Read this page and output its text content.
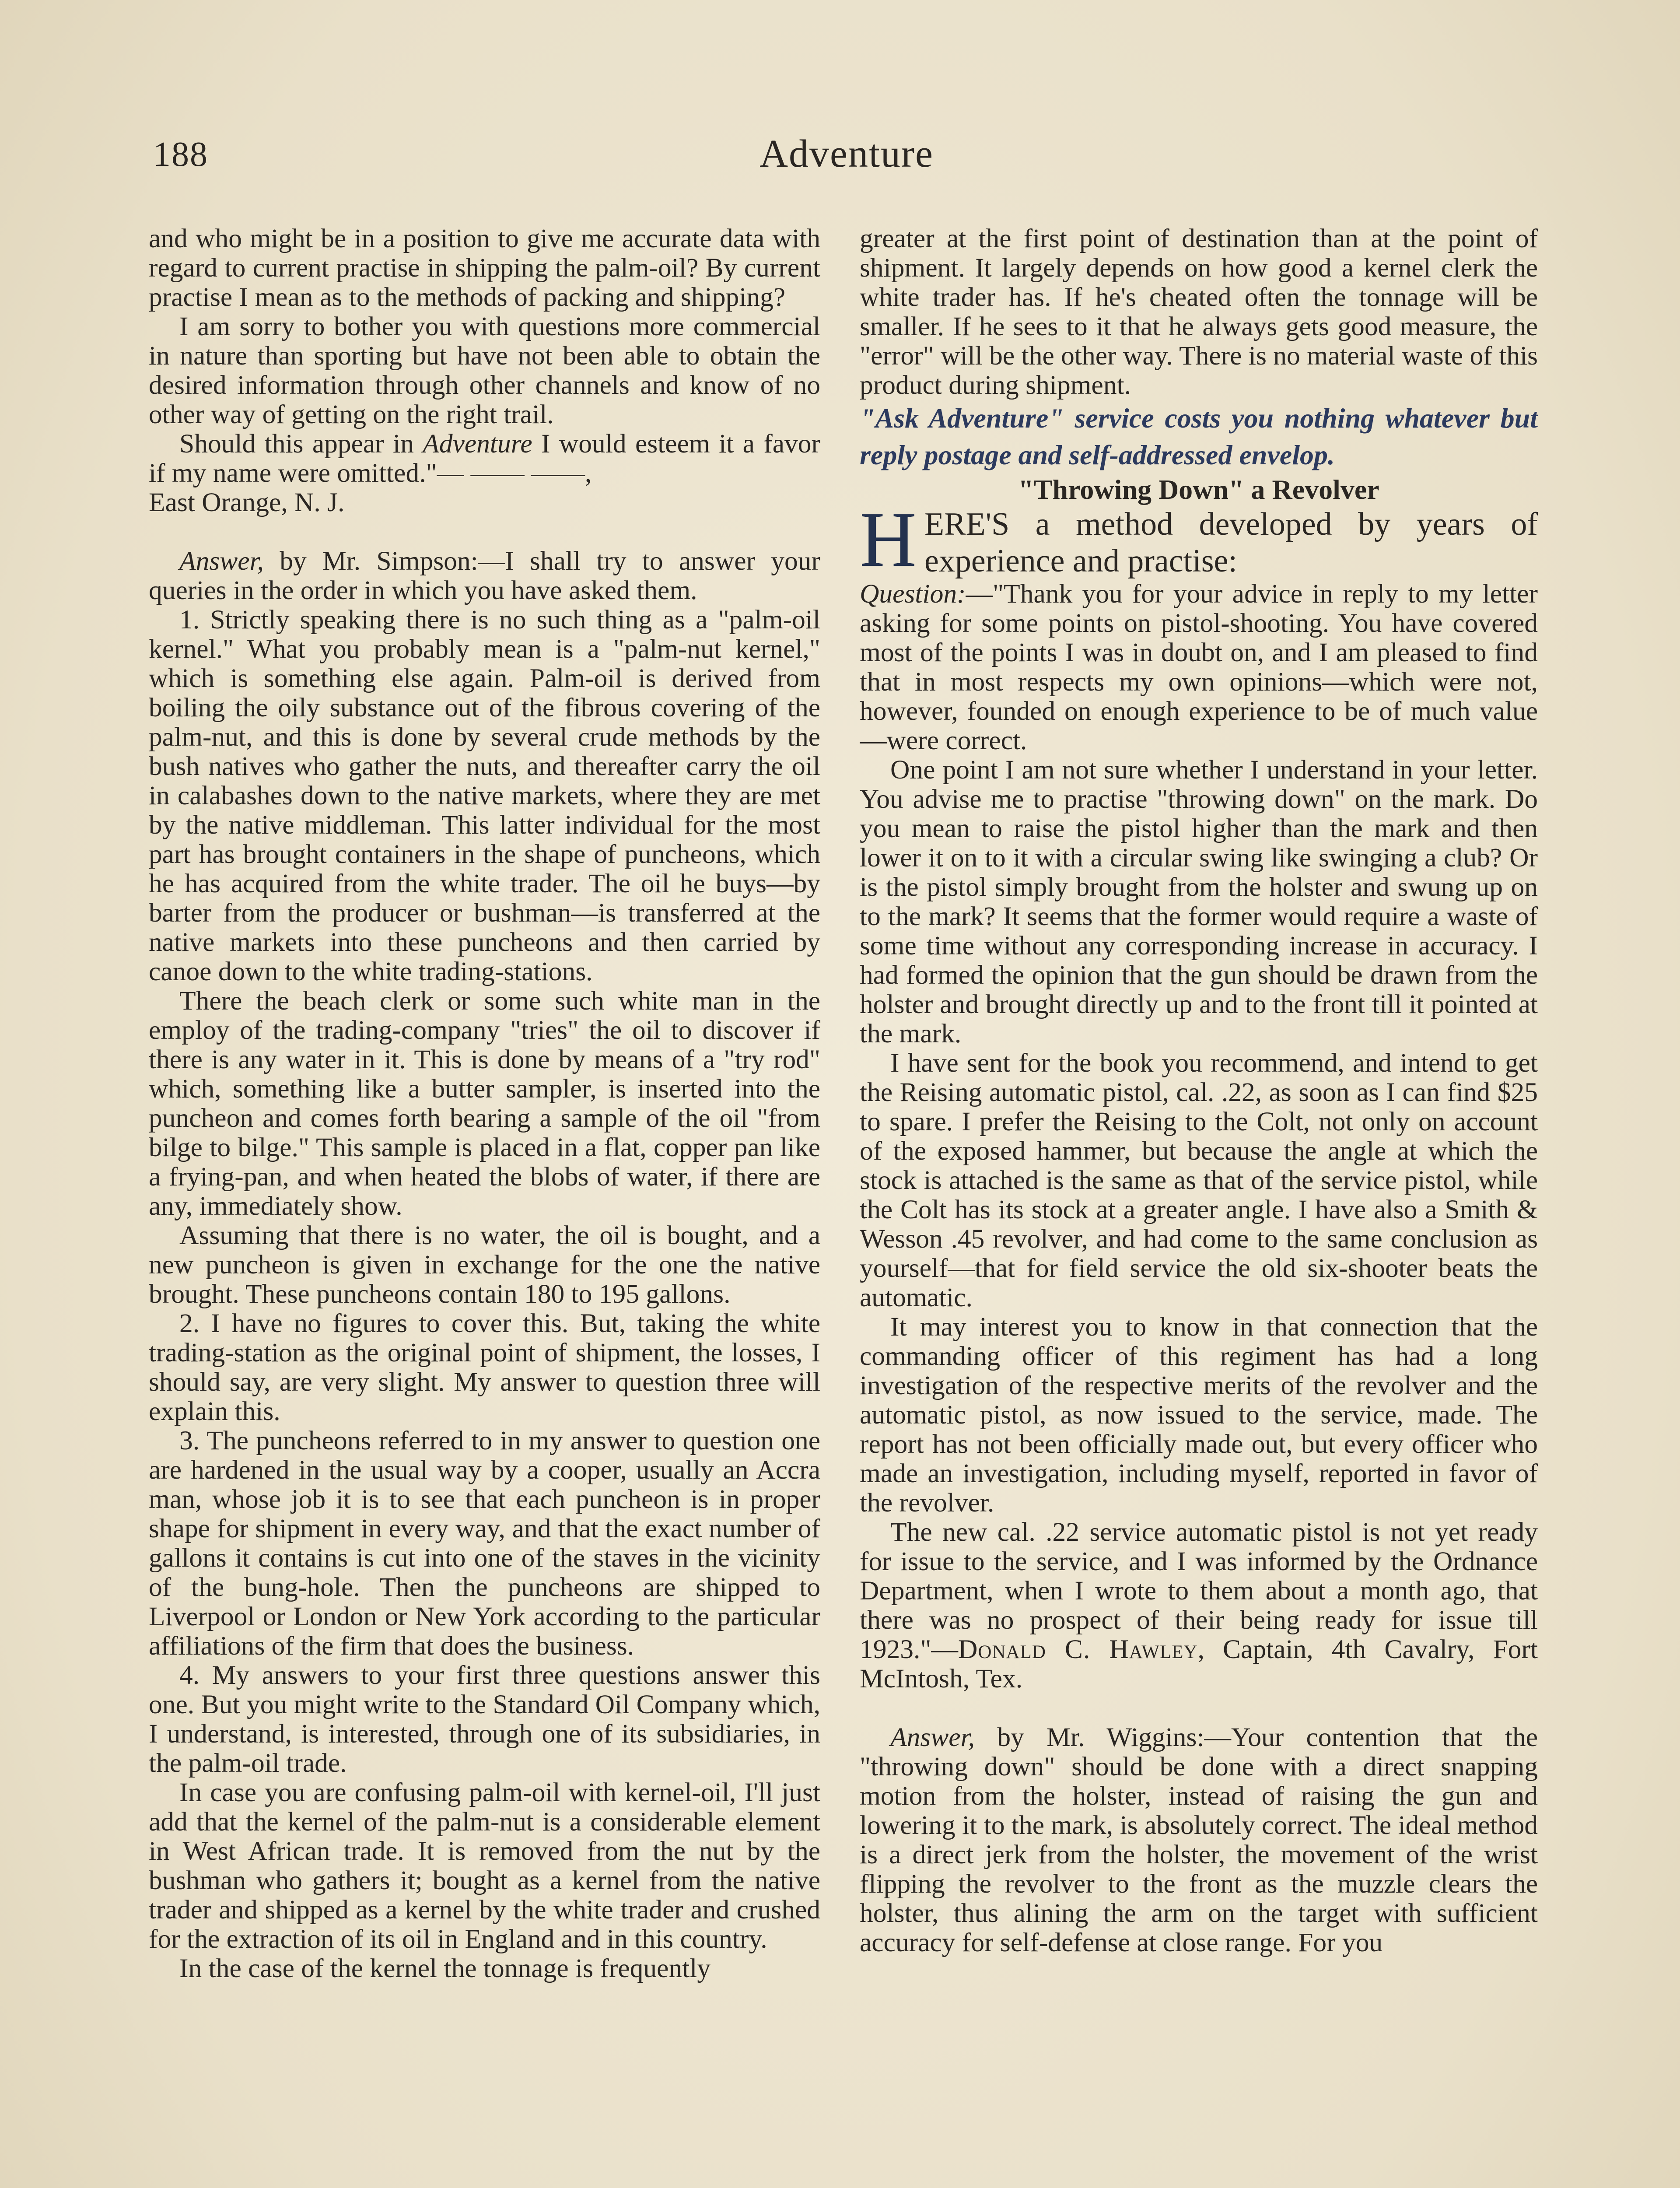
188	Adventure

and who might be in a position to give me accurate data with regard to current practise in shipping the palm-oil? By current practise I mean as to the methods of packing and shipping?

I am sorry to bother you with questions more commercial in nature than sporting but have not been able to obtain the desired information through other channels and know of no other way of getting on the right trail.

Should this appear in Adventure I would esteem it a favor if my name were omitted."— —— ——,

East Orange, N. J.

Answer, by Mr. Simpson:—I shall try to answer your queries in the order in which you have asked them.

1. Strictly speaking there is no such thing as a "palm-oil kernel." What you probably mean is a "palm-nut kernel," which is something else again. Palm-oil is derived from boiling the oily substance out of the fibrous covering of the palm-nut, and this is done by several crude methods by the bush natives who gather the nuts, and thereafter carry the oil in calabashes down to the native markets, where they are met by the native middleman. This latter individual for the most part has brought containers in the shape of puncheons, which he has acquired from the white trader. The oil he buys—by barter from the producer or bushman—is transferred at the native markets into these puncheons and then carried by canoe down to the white trading-stations.

There the beach clerk or some such white man in the employ of the trading-company "tries" the oil to discover if there is any water in it. This is done by means of a "try rod" which, something like a butter sampler, is inserted into the puncheon and comes forth bearing a sample of the oil "from bilge to bilge." This sample is placed in a flat, copper pan like a frying-pan, and when heated the blobs of water, if there are any, immediately show.

Assuming that there is no water, the oil is bought, and a new puncheon is given in exchange for the one the native brought. These puncheons contain 180 to 195 gallons.

2. I have no figures to cover this. But, taking the white trading-station as the original point of shipment, the losses, I should say, are very slight. My answer to question three will explain this.

3. The puncheons referred to in my answer to question one are hardened in the usual way by a cooper, usually an Accra man, whose job it is to see that each puncheon is in proper shape for shipment in every way, and that the exact number of gallons it contains is cut into one of the staves in the vicinity of the bung-hole. Then the puncheons are shipped to Liverpool or London or New York according to the particular affiliations of the firm that does the business.

4. My answers to your first three questions answer this one. But you might write to the Standard Oil Company which, I understand, is interested, through one of its subsidiaries, in the palm-oil trade.

In case you are confusing palm-oil with kernel-oil, I'll just add that the kernel of the palm-nut is a considerable element in West African trade. It is removed from the nut by the bushman who gathers it; bought as a kernel from the native trader and shipped as a kernel by the white trader and crushed for the extraction of its oil in England and in this country.

In the case of the kernel the tonnage is frequently

greater at the first point of destination than at the point of shipment. It largely depends on how good a kernel clerk the white trader has. If he's cheated often the tonnage will be smaller. If he sees to it that he always gets good measure, the "error" will be the other way. There is no material waste of this product during shipment.

"Ask Adventure" service costs you nothing whatever but reply postage and self-addressed envelop.

"Throwing Down" a Revolver

HERE'S a method developed by years of experience and practise:

Question:—"Thank you for your advice in reply to my letter asking for some points on pistol-shooting. You have covered most of the points I was in doubt on, and I am pleased to find that in most respects my own opinions—which were not, however, founded on enough experience to be of much value—were correct.

One point I am not sure whether I understand in your letter. You advise me to practise "throwing down" on the mark. Do you mean to raise the pistol higher than the mark and then lower it on to it with a circular swing like swinging a club? Or is the pistol simply brought from the holster and swung up on to the mark? It seems that the former would require a waste of some time without any corresponding increase in accuracy. I had formed the opinion that the gun should be drawn from the holster and brought directly up and to the front till it pointed at the mark.

I have sent for the book you recommend, and intend to get the Reising automatic pistol, cal. .22, as soon as I can find $25 to spare. I prefer the Reising to the Colt, not only on account of the exposed hammer, but because the angle at which the stock is attached is the same as that of the service pistol, while the Colt has its stock at a greater angle. I have also a Smith & Wesson .45 revolver, and had come to the same conclusion as yourself—that for field service the old six-shooter beats the automatic.

It may interest you to know in that connection that the commanding officer of this regiment has had a long investigation of the respective merits of the revolver and the automatic pistol, as now issued to the service, made. The report has not been officially made out, but every officer who made an investigation, including myself, reported in favor of the revolver.

The new cal. .22 service automatic pistol is not yet ready for issue to the service, and I was informed by the Ordnance Department, when I wrote to them about a month ago, that there was no prospect of their being ready for issue till 1923."—Donald C. Hawley, Captain, 4th Cavalry, Fort McIntosh, Tex.

Answer, by Mr. Wiggins:—Your contention that the "throwing down" should be done with a direct snapping motion from the holster, instead of raising the gun and lowering it to the mark, is absolutely correct. The ideal method is a direct jerk from the holster, the movement of the wrist flipping the revolver to the front as the muzzle clears the holster, thus alining the arm on the target with sufficient accuracy for self-defense at close range. For you
